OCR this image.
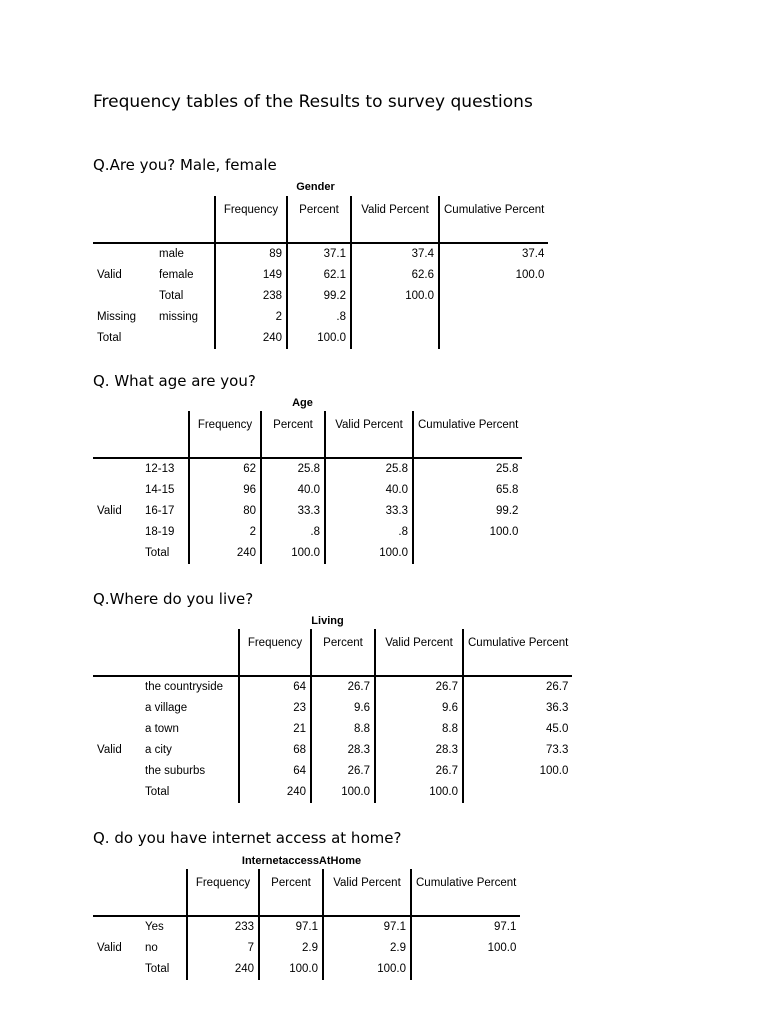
Frequency tables of the Results to survey questions
Q.Are you? Male, female
Gender
		Frequency	Percent	Valid Percent	Cumulative Percent
	male	89	37.1	37.4	37.4
Valid	female	149	62.1	62.6	100.0
	Total	238	99.2	100.0	
Missing	missing	2	.8		
Total		240	100.0		
Q. What age are you?
Age
		Frequency	Percent	Valid Percent	Cumulative Percent
	12-13	62	25.8	25.8	25.8
	14-15	96	40.0	40.0	65.8
Valid	16-17	80	33.3	33.3	99.2
	18-19	2	.8	.8	100.0
	Total	240	100.0	100.0	
Q.Where do you live?
Living
		Frequency	Percent	Valid Percent	Cumulative Percent
	the countryside	64	26.7	26.7	26.7
	a village	23	9.6	9.6	36.3
	a town	21	8.8	8.8	45.0
Valid	a city	68	28.3	28.3	73.3
	the suburbs	64	26.7	26.7	100.0
	Total	240	100.0	100.0	
Q. do you have internet access at home?
InternetaccessAtHome
		Frequency	Percent	Valid Percent	Cumulative Percent
	Yes	233	97.1	97.1	97.1
Valid	no	7	2.9	2.9	100.0
	Total	240	100.0	100.0	
